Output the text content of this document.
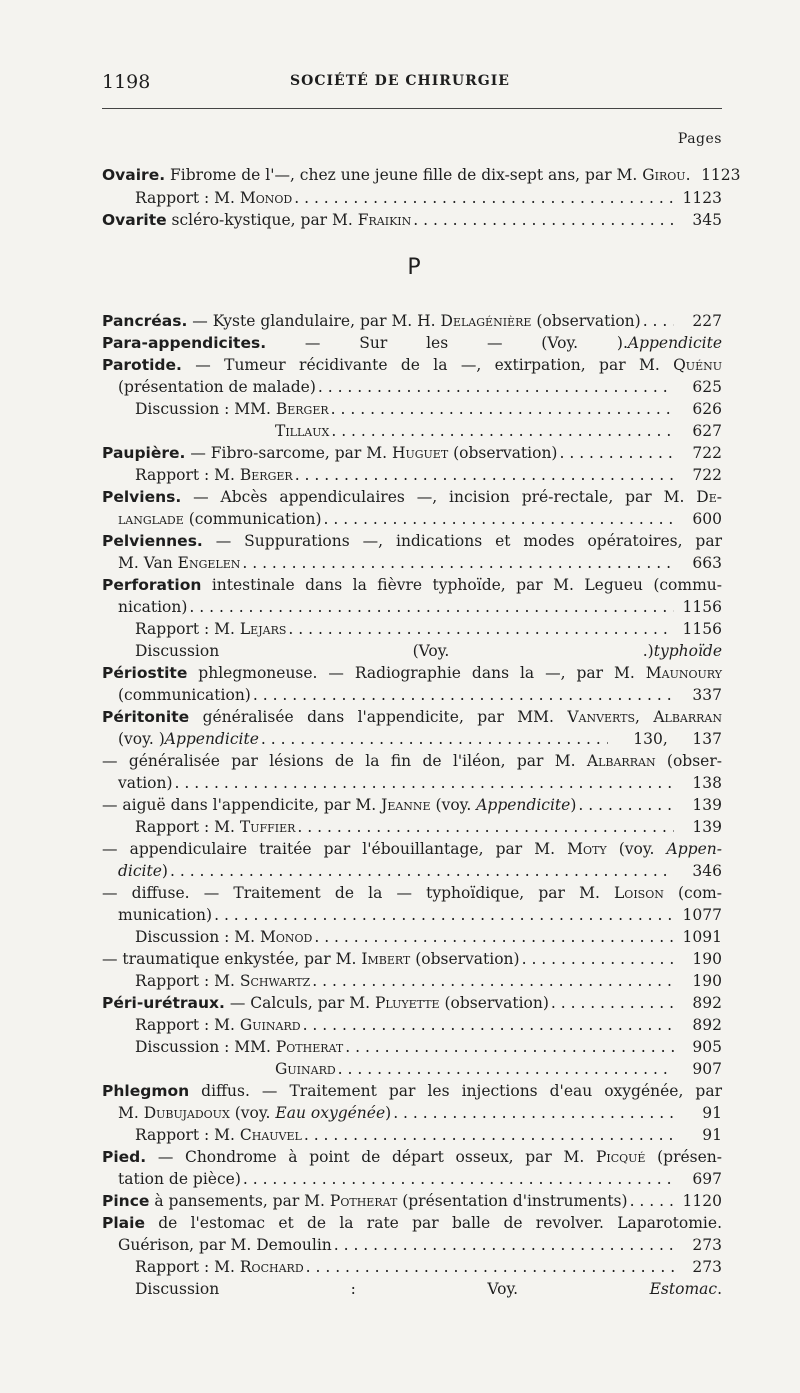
1198	SOCIÉTÉ DE CHIRURGIE
Pages
P
Ovaire. Fibrome de l'—, chez une jeune fille de dix-sept ans, par M. Girou. . . . 1123
Rapport : M. Monod . . .	1123
Ovarite scléro-kystique, par M. Fraikin . . .	345
Pancréas. — Kyste glandulaire, par M. H. Delagénière (observation) . . .	227
Para-appendicites. — Sur les — (Voy. ).Appendicite
Parotide. — Tumeur récidivante de la —, extirpation, par M. Quénu
(présentation de malade) . . .	625
Discussion : MM. Berger . . .	626
Tillaux . . .	627
Paupière. — Fibro-sarcome, par M. Huguet (observation) . . .	722
Rapport : M. Berger . . .	722
Pelviens. — Abcès appendiculaires —, incision pré-rectale, par M. De-
langlade (communication) . . .	600
Pelviennes. — Suppurations —, indications et modes opératoires, par
M. Van Engelen . . .	663
Perforation intestinale dans la fièvre typhoïde, par M. Legueu (commu-
nication) . . .	1156
Rapport : M. Lejars . . .	1156
Discussion (Voy. .)typhoïde
Périostite phlegmoneuse. — Radiographie dans la —, par M. Maunoury
(communication) . . .	337
Péritonite généralisée dans l'appendicite, par MM. Vanverts, Albarran
(voy. )Appendicite . . .	130,     137
— généralisée par lésions de la fin de l'iléon, par M. Albarran (obser-
vation) . . .	138
— aiguë dans l'appendicite, par M. Jeanne (voy. Appendicite) . . .	139
Rapport : M. Tuffier . . .	139
— appendiculaire traitée par l'ébouillantage, par M. Moty (voy. Appen-
dicite) . . .	346
— diffuse. — Traitement de la — typhoïdique, par M. Loison (com-
munication) . . .	1077
Discussion : M. Monod . . .	1091
— traumatique enkystée, par M. Imbert (observation) . . .	190
Rapport : M. Schwartz . . .	190
Péri-urétraux. — Calculs, par M. Pluyette (observation) . . .	892
Rapport : M. Guinard . . .	892
Discussion : MM. Potherat . . .	905
Guinard . . .	907
Phlegmon diffus. — Traitement par les injections d'eau oxygénée, par
M. Dubujadoux (voy. Eau oxygénée) . . .	91
Rapport : M. Chauvel . . .	91
Pied. — Chondrome à point de départ osseux, par M. Picqué (présen-
tation de pièce) . . .	697
Pince à pansements, par M. Potherat (présentation d'instruments) . . .	1120
Plaie de l'estomac et de la rate par balle de revolver. Laparotomie.
Guérison, par M. Demoulin . . .	273
Rapport : M. Rochard . . .	273
Discussion : Voy. Estomac.
